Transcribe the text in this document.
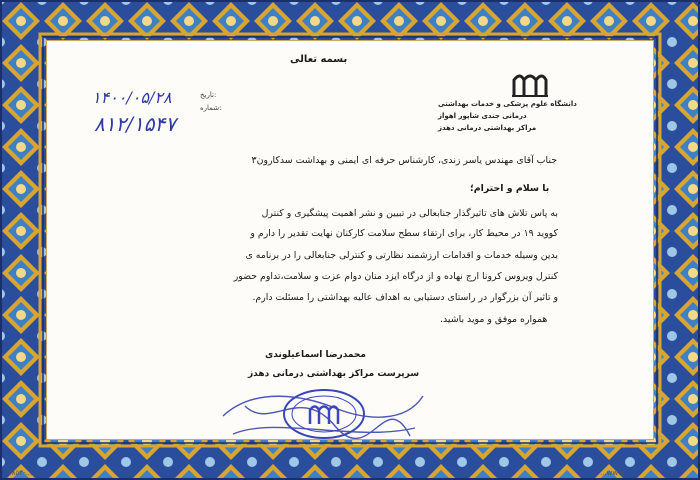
بسمه تعالی
تاریخ:
شماره:
۱۴۰۰/۰۵/۲۸
۸۱۲/۱۵۴۷
دانشگاه علوم پزشکی و خدمات بهداشتی
درمانی جندی شاپور اهواز
مراکز بهداشتی درمانی دهدز
جناب آقای مهندس یاسر زندی، کارشناس حرفه ای ایمنی و بهداشت سدکارون۳
با سلام و احترام؛
به پاس تلاش های تاثیرگذار جنابعالی در تبیین و نشر اهمیت پیشگیری و کنترل
کووید ۱۹ در محیط کار، برای ارتقاء سطح سلامت کارکنان نهایت تقدیر را دارم و
بدین وسیله خدمات و اقدامات ارزشمند نظارتی و کنترلی جنابعالی را در برنامه ی
کنترل ویروس کرونا ارج نهاده و از درگاه ایزد منان دوام عزت و سلامت،تداوم حضور
و تاثیر آن بزرگوار در راستای دستیابی به اهداف عالیه بهداشتی را مسئلت دارم.
همواره موفق و موید باشید.
محمدرضا اسماعیلوندی
سرپرست مراکز بهداشتی درمانی دهدز
۴۸۵۳-...	...www
